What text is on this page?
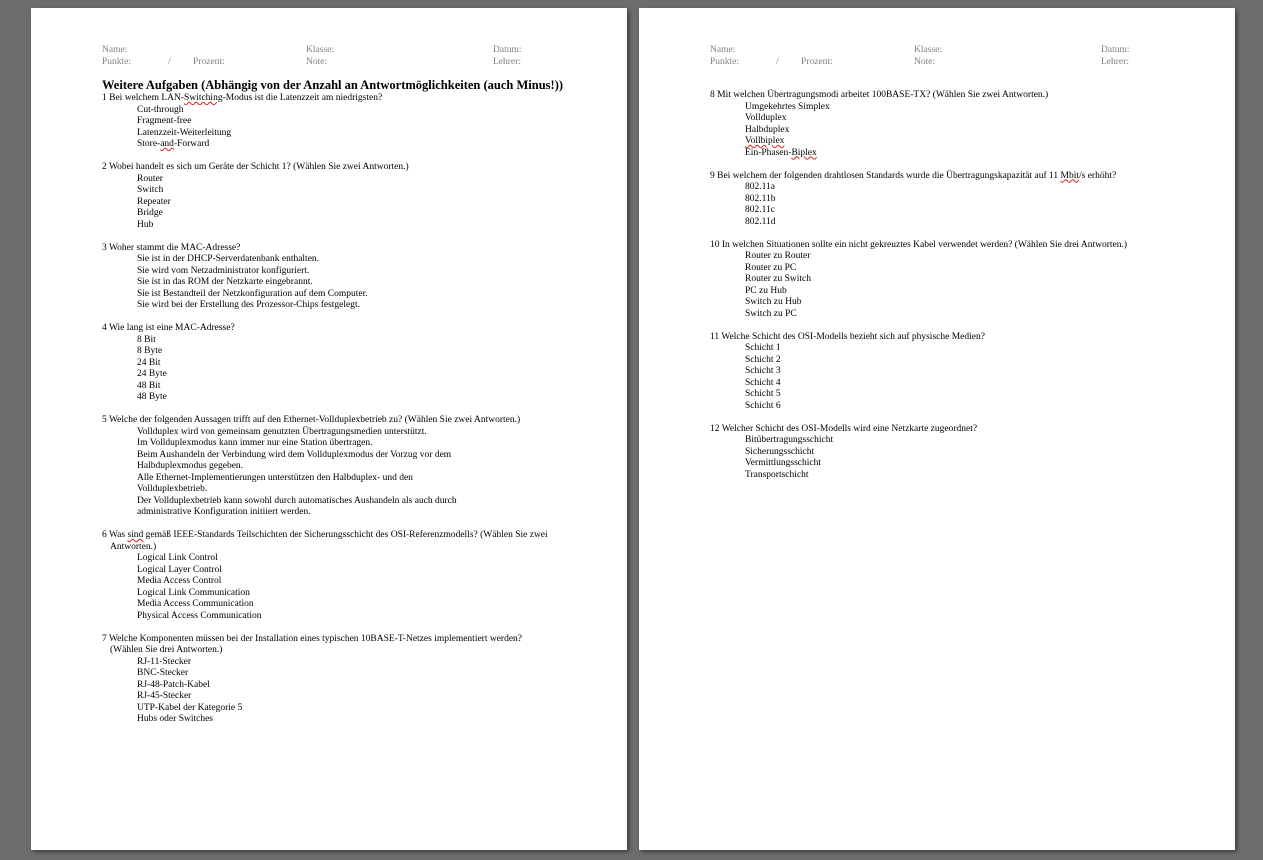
Name:	Klasse:	Datum:
Punkte:	/ Prozent:	Note:	Lehrer:
Weitere Aufgaben (Abhängig von der Anzahl an Antwortmöglichkeiten (auch Minus!))
1 Bei welchem LAN-Switching-Modus ist die Latenzzeit am niedrigsten?
Cut-through
Fragment-free
Latenzzeit-Weiterleitung
Store-and-Forward
2 Wobei handelt es sich um Geräte der Schicht 1? (Wählen Sie zwei Antworten.)
Router
Switch
Repeater
Bridge
Hub
3 Woher stammt die MAC-Adresse?
Sie ist in der DHCP-Serverdatenbank enthalten.
Sie wird vom Netzadministrator konfiguriert.
Sie ist in das ROM der Netzkarte eingebrannt.
Sie ist Bestandteil der Netzkonfiguration auf dem Computer.
Sie wird bei der Erstellung des Prozessor-Chips festgelegt.
4 Wie lang ist eine MAC-Adresse?
8 Bit
8 Byte
24 Bit
24 Byte
48 Bit
48 Byte
5 Welche der folgenden Aussagen trifft auf den Ethernet-Vollduplexbetrieb zu? (Wählen Sie zwei Antworten.)
Vollduplex wird von gemeinsam genutzten Übertragungsmedien unterstützt.
Im Vollduplexmodus kann immer nur eine Station übertragen.
Beim Aushandeln der Verbindung wird dem Vollduplexmodus der Vorzug vor dem Halbduplexmodus gegeben.
Alle Ethernet-Implementierungen unterstützen den Halbduplex- und den Vollduplexbetrieb.
Der Vollduplexbetrieb kann sowohl durch automatisches Aushandeln als auch durch administrative Konfiguration initiiert werden.
6 Was sind gemäß IEEE-Standards Teilschichten der Sicherungsschicht des OSI-Referenzmodells? (Wählen Sie zwei
Antworten.)
Logical Link Control
Logical Layer Control
Media Access Control
Logical Link Communication
Media Access Communication
Physical Access Communication
7 Welche Komponenten müssen bei der Installation eines typischen 10BASE-T-Netzes implementiert werden?
(Wählen Sie drei Antworten.)
RJ-11-Stecker
BNC-Stecker
RJ-48-Patch-Kabel
RJ-45-Stecker
UTP-Kabel der Kategorie 5
Hubs oder Switches
Name:	Klasse:	Datum:
Punkte:	/ Prozent:	Note:	Lehrer:
8 Mit welchen Übertragungsmodi arbeitet 100BASE-TX? (Wählen Sie zwei Antworten.)
Umgekehrtes Simplex
Vollduplex
Halbduplex
Vollbiplex
Ein-Phasen-Biplex
9 Bei welchem der folgenden drahtlosen Standards wurde die Übertragungskapazität auf 11 Mbit/s erhöht?
802.11a
802.11b
802.11c
802.11d
10 In welchen Situationen sollte ein nicht gekreuztes Kabel verwendet werden? (Wählen Sie drei Antworten.)
Router zu Router
Router zu PC
Router zu Switch
PC zu Hub
Switch zu Hub
Switch zu PC
11 Welche Schicht des OSI-Modells bezieht sich auf physische Medien?
Schicht 1
Schicht 2
Schicht 3
Schicht 4
Schicht 5
Schicht 6
12 Welcher Schicht des OSI-Modells wird eine Netzkarte zugeordnet?
Bitübertragungsschicht
Sicherungsschicht
Vermittlungsschicht
Transportschicht
